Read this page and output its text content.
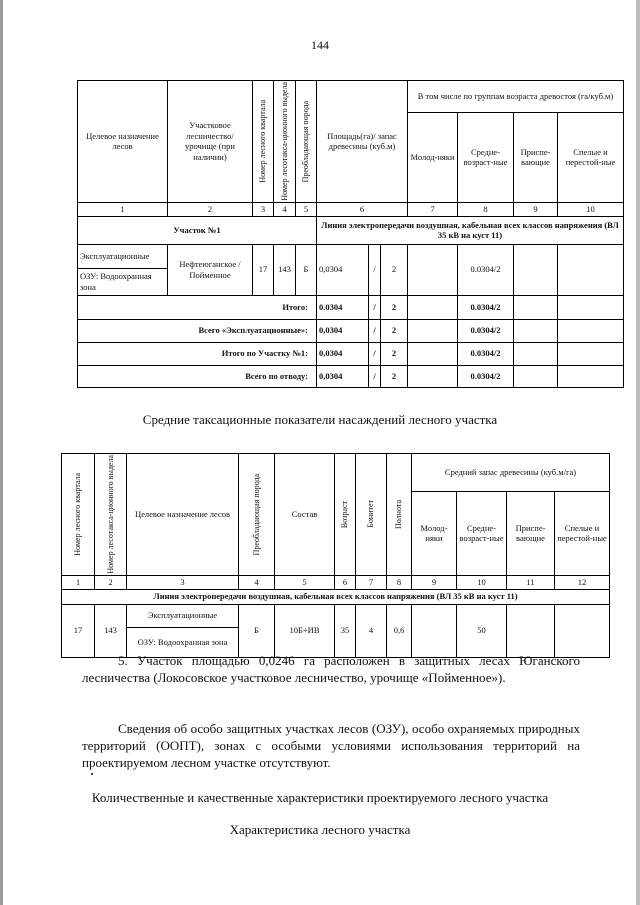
144
Целевое назначение лесов	Участковое лесничество/ урочище (при наличии)	Номер лесного квартала	Номер лесотакса-ционного выдела	Преобладающая порода	Площадь(га)/ запас древесины (куб.м)			В том числе по группам возраста древостоя (га/куб.м)			
								Молод-няки	Средне-возраст-ные	Приспе-вающие	Спелые и перестой-ные
1	2	3	4	5	6			7	8	9	10
Участок №1					Линия электропередачи воздушная, кабельная всех классов напряжения (ВЛ 35 кВ на куст 11)						
Эксплуатационные	Нефтеюганское / Пойменное	17	143	Б	0,0304	/	2		0.0304/2		
ОЗУ: Водоохранная зона											
Итого:					0.0304	/	2		0.0304/2		
Всего «Эксплуатационные»:					0,0304	/	2		0.0304/2		
Итого по Участку №1:					0,0304	/	2		0.0304/2		
Всего по отводу:					0,0304	/	2		0.0304/2		
Средние таксационные показатели насаждений лесного участка
Номер лесного квартала	Номер лесотакса-ционного выдела	Целевое назначение лесов	Преобладающая порода	Состав	Возраст	Бонитет	Полнота	Средний запас древесины (куб.м/га)			
								Молод-няки	Средне-возраст-ные	Приспе-вающие	Спелые и перестой-ные
1	2	3	4	5	6	7	8	9	10	11	12
Линия электропередачи воздушная, кабельная всех классов напряжения (ВЛ 35 кВ на куст 11)											
17	143	Эксплуатационные	Б	10Б+ИВ	35	4	0,6		50		
		ОЗУ: Водоохранная зона									
5. Участок площадью 0,0246 га расположен в защитных лесах Юганского лесничества (Локосовское участковое лесничество, урочище «Пойменное»).
Сведения об особо защитных участках лесов (ОЗУ), особо охраняемых природных территорий (ООПТ), зонах с особыми условиями использования территорий на проектируемом лесном участке отсутствуют.
Количественные и качественные характеристики проектируемого лесного участка
Характеристика лесного участка
